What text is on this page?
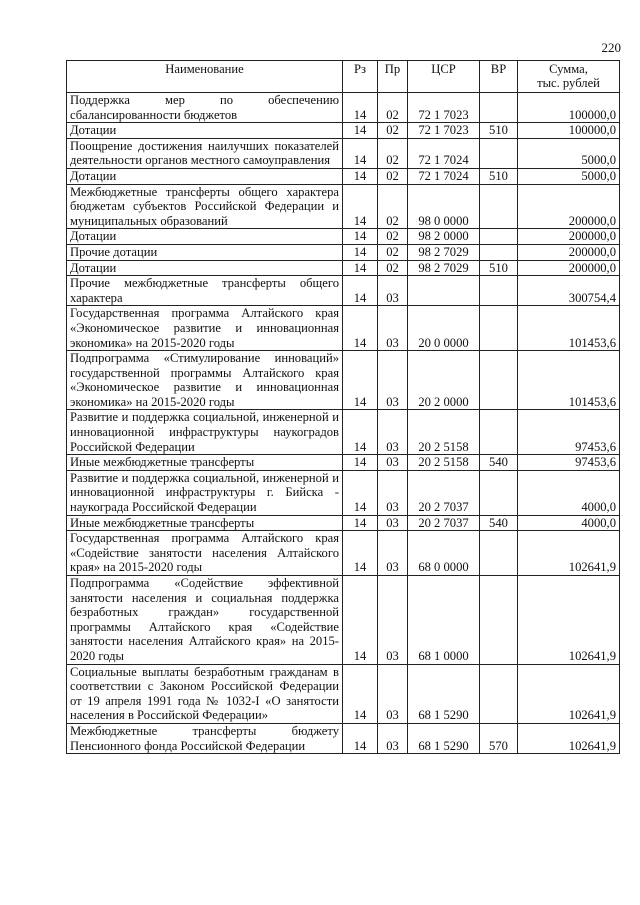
220
Наименование	Рз	Пр	ЦСР	ВР	Сумма,
тыс. рублей

Поддержка мер по обеспечению сбалансированности бюджетов	14	02	72 1 7023		100000,0
Дотации	14	02	72 1 7023	510	100000,0
Поощрение достижения наилучших показателей деятельности органов местного самоуправления	14	02	72 1 7024		5000,0
Дотации	14	02	72 1 7024	510	5000,0
Межбюджетные трансферты общего характера бюджетам субъектов Российской Федерации и муниципальных образований	14	02	98 0 0000		200000,0
Дотации	14	02	98 2 0000		200000,0
Прочие дотации	14	02	98 2 7029		200000,0
Дотации	14	02	98 2 7029	510	200000,0
Прочие межбюджетные трансферты общего характера	14	03			300754,4
Государственная программа Алтайского края «Экономическое развитие и инновационная экономика» на 2015-2020 годы	14	03	20 0 0000		101453,6
Подпрограмма «Стимулирование инноваций» государственной программы Алтайского края «Экономическое развитие и инновационная экономика» на 2015-2020 годы	14	03	20 2 0000		101453,6
Развитие и поддержка социальной, инженерной и инновационной инфраструктуры наукоградов Российской Федерации	14	03	20 2 5158		97453,6
Иные межбюджетные трансферты	14	03	20 2 5158	540	97453,6
Развитие и поддержка социальной, инженерной и инновационной инфраструктуры г. Бийска - наукограда Российской Федерации	14	03	20 2 7037		4000,0
Иные межбюджетные трансферты	14	03	20 2 7037	540	4000,0
Государственная программа Алтайского края «Содействие занятости населения Алтайского края» на 2015-2020 годы	14	03	68 0 0000		102641,9
Подпрограмма «Содействие эффективной занятости населения и социальная поддержка безработных граждан» государственной программы Алтайского края «Содействие занятости населения Алтайского края» на 2015-2020 годы	14	03	68 1 0000		102641,9
Социальные выплаты безработным гражданам в соответствии с Законом Российской Федерации от 19 апреля 1991 года № 1032-I «О занятости населения в Российской Федерации»	14	03	68 1 5290		102641,9
Межбюджетные трансферты бюджету Пенсионного фонда Российской Федерации	14	03	68 1 5290	570	102641,9
